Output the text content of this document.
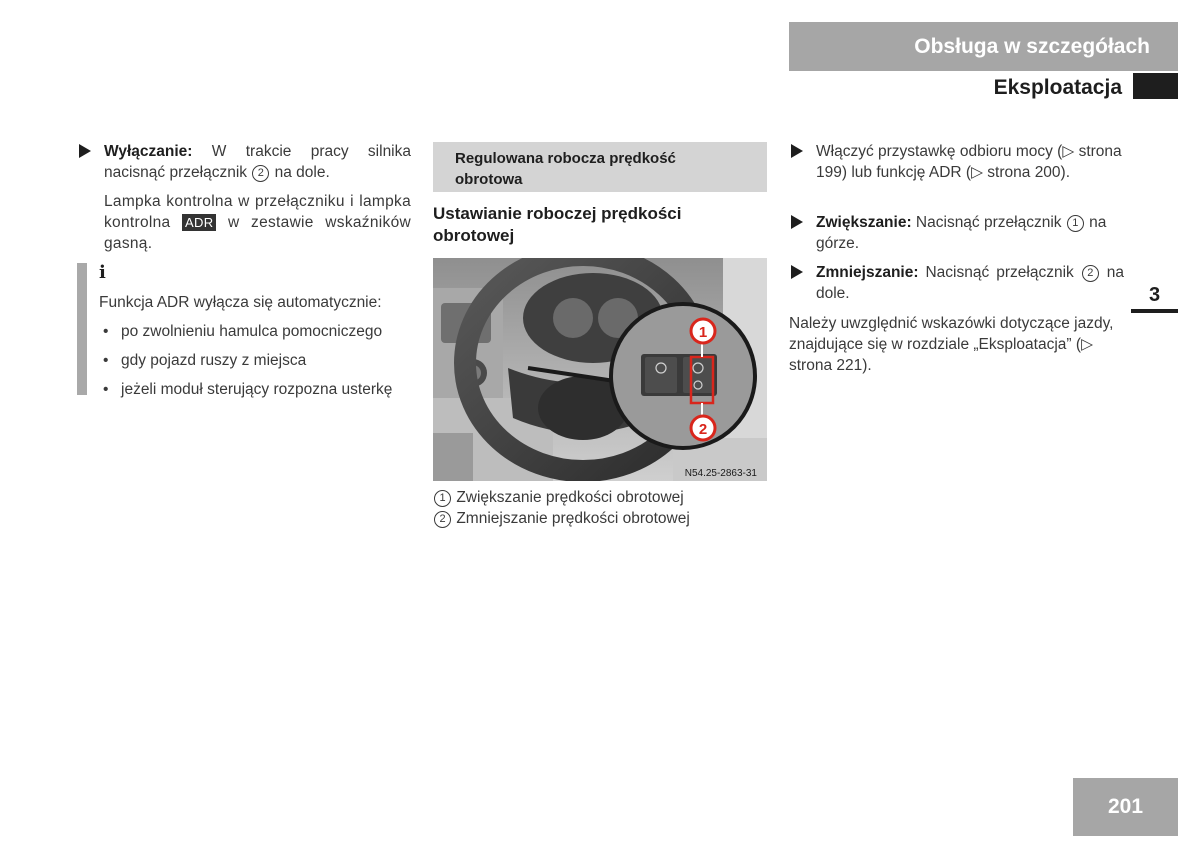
Obsługa w szczegółach
Eksploatacja
3
201
Wyłączanie: W trakcie pracy silnika nacisnąć przełącznik 2 na dole.
Lampka kontrolna w przełączniku i lampka kontrolna ADR w zestawie wskaźników gasną.
i
Funkcja ADR wyłącza się automatycznie:
• po zwolnieniu hamulca pomocniczego
• gdy pojazd ruszy z miejsca
• jeżeli moduł sterujący rozpozna usterkę
Regulowana robocza prędkość obrotowa
Ustawianie roboczej prędkości obrotowej
1
2
N54.25-2863-31
1 Zwiększanie prędkości obrotowej
2 Zmniejszanie prędkości obrotowej
Włączyć przystawkę odbioru mocy (▷ strona 199) lub funkcję ADR (▷ strona 200).
Zwiększanie: Nacisnąć przełącznik 1 na górze.
Zmniejszanie: Nacisnąć przełącznik 2 na dole.
Należy uwzględnić wskazówki dotyczące jazdy, znajdujące się w rozdziale „Eksploatacja” (▷ strona 221).
